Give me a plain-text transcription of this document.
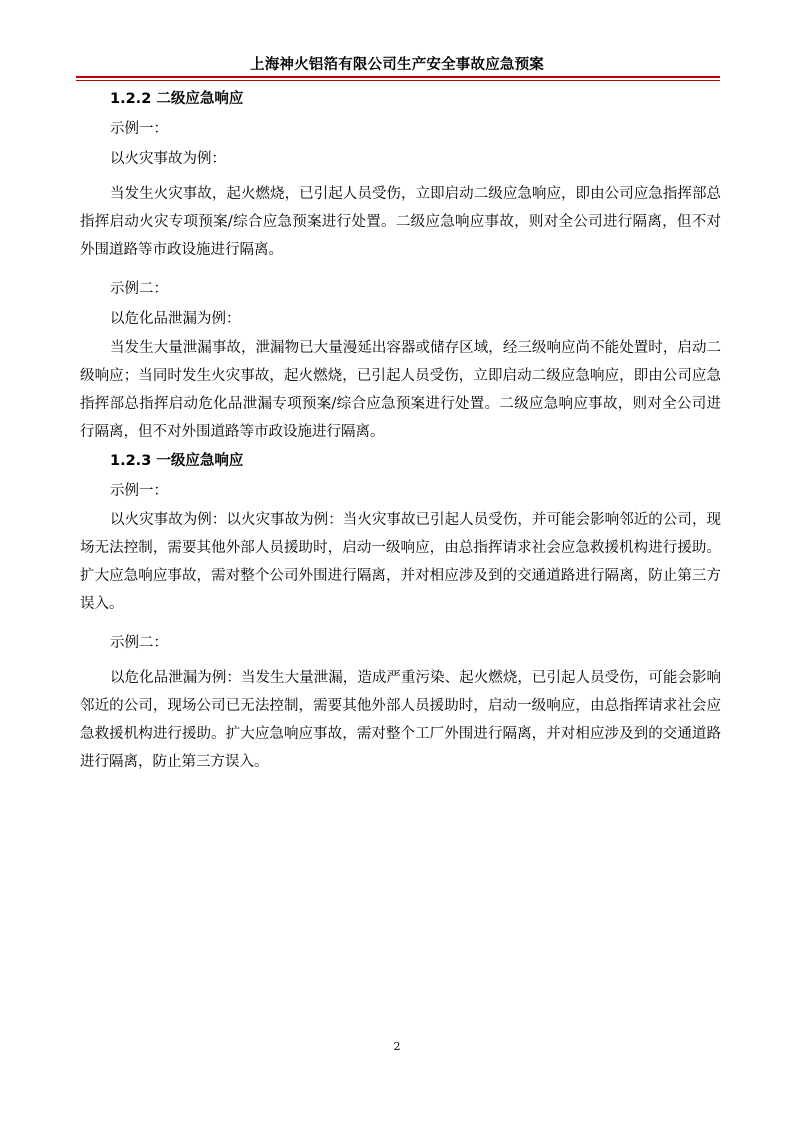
上海神火铝箔有限公司生产安全事故应急预案
1.2.2 二级应急响应
示例一：
以火灾事故为例：
当发生火灾事故，起火燃烧，已引起人员受伤，立即启动二级应急响应，即由公司应急指挥部总指挥启动火灾专项预案/综合应急预案进行处置。二级应急响应事故，则对全公司进行隔离，但不对外围道路等市政设施进行隔离。
示例二：
以危化品泄漏为例：
当发生大量泄漏事故，泄漏物已大量漫延出容器或储存区域，经三级响应尚不能处置时，启动二级响应；当同时发生火灾事故，起火燃烧，已引起人员受伤，立即启动二级应急响应，即由公司应急指挥部总指挥启动危化品泄漏专项预案/综合应急预案进行处置。二级应急响应事故，则对全公司进行隔离，但不对外围道路等市政设施进行隔离。
1.2.3 一级应急响应
示例一：
以火灾事故为例：以火灾事故为例：当火灾事故已引起人员受伤，并可能会影响邻近的公司，现场无法控制，需要其他外部人员援助时，启动一级响应，由总指挥请求社会应急救援机构进行援助。扩大应急响应事故，需对整个公司外围进行隔离，并对相应涉及到的交通道路进行隔离，防止第三方误入。
示例二：
以危化品泄漏为例：当发生大量泄漏，造成严重污染、起火燃烧，已引起人员受伤，可能会影响邻近的公司，现场公司已无法控制，需要其他外部人员援助时，启动一级响应，由总指挥请求社会应急救援机构进行援助。扩大应急响应事故，需对整个工厂外围进行隔离，并对相应涉及到的交通道路进行隔离，防止第三方误入。
2
